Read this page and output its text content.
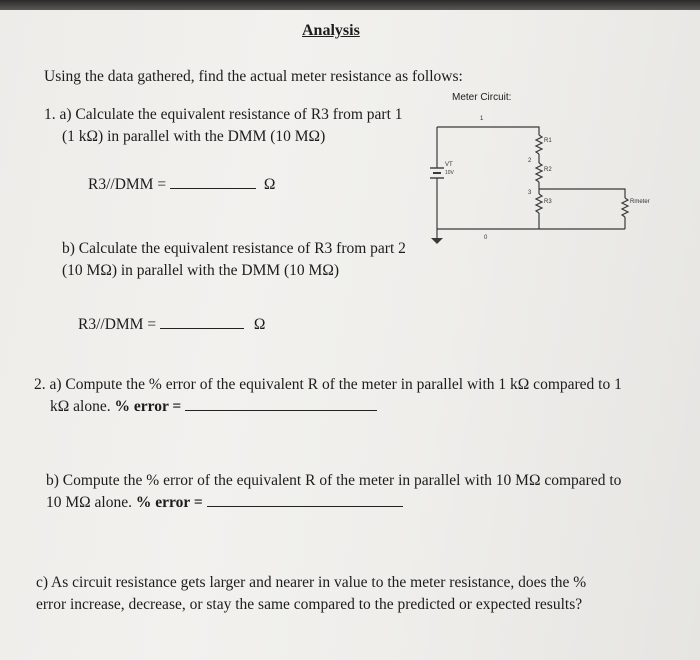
Analysis
Using the data gathered, find the actual meter resistance as follows:
1. a) Calculate the equivalent resistance of R3 from part 1
(1 kΩ) in parallel with the DMM (10 MΩ)
R3//DMM =	Ω
b) Calculate the equivalent resistance of R3 from part 2
(10 MΩ) in parallel with the DMM (10 MΩ)
R3//DMM =	Ω
2. a) Compute the % error of the equivalent R of the meter in parallel with 1 kΩ compared to 1
kΩ alone. % error =
b) Compute the % error of the equivalent R of the meter in parallel with 10 MΩ compared to
10 MΩ alone. % error =
c) As circuit resistance gets larger and nearer in value to the meter resistance, does the %
error increase, decrease, or stay the same compared to the predicted or expected results?
Meter Circuit:
1
2
3
0
R1
R2
R3	Rmeter
VT
10V
